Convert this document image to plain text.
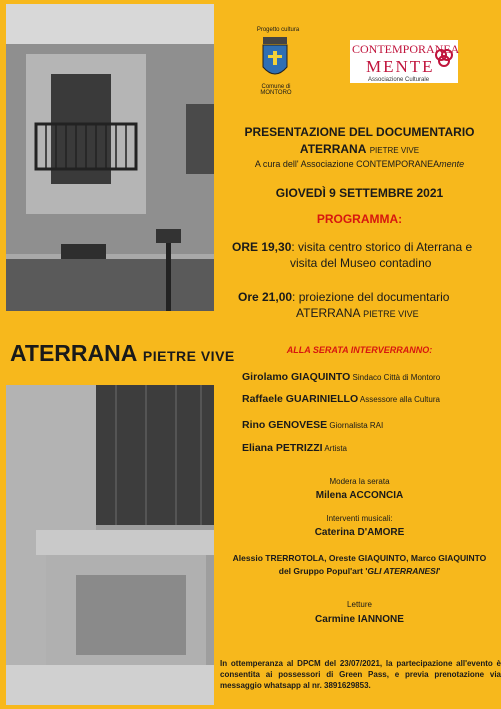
ATERRANA PIETRE VIVE
Progetto cultura
Comune di MONTORO
CONTEMPORANEA
MENTE
Associazione Culturale
PRESENTAZIONE DEL DOCUMENTARIO
ATERRANA PIETRE VIVE
A cura dell' Associazione CONTEMPORANEAmente
GIOVEDÌ 9 SETTEMBRE 2021
PROGRAMMA:
ORE 19,30: visita centro storico di Aterrana e
visita del Museo contadino
Ore 21,00: proiezione del documentario
ATERRANA PIETRE VIVE
ALLA SERATA INTERVERRANNO:
Girolamo GIAQUINTO Sindaco Città di Montoro
Raffaele GUARINIELLO Assessore alla Cultura
Rino GENOVESE Giornalista RAI
Eliana PETRIZZI Artista
Modera la serata
Milena ACCONCIA
Interventi musicali:
Caterina D'AMORE
Alessio TRERROTOLA, Oreste GIAQUINTO, Marco GIAQUINTO
del Gruppo Popul'art 'GLI ATERRANESI'
Letture
Carmine IANNONE
In ottemperanza al DPCM del 23/07/2021, la partecipazione all'evento è consentita ai possessori di Green Pass, e previa prenotazione via messaggio whatsapp al nr. 3891629853.
